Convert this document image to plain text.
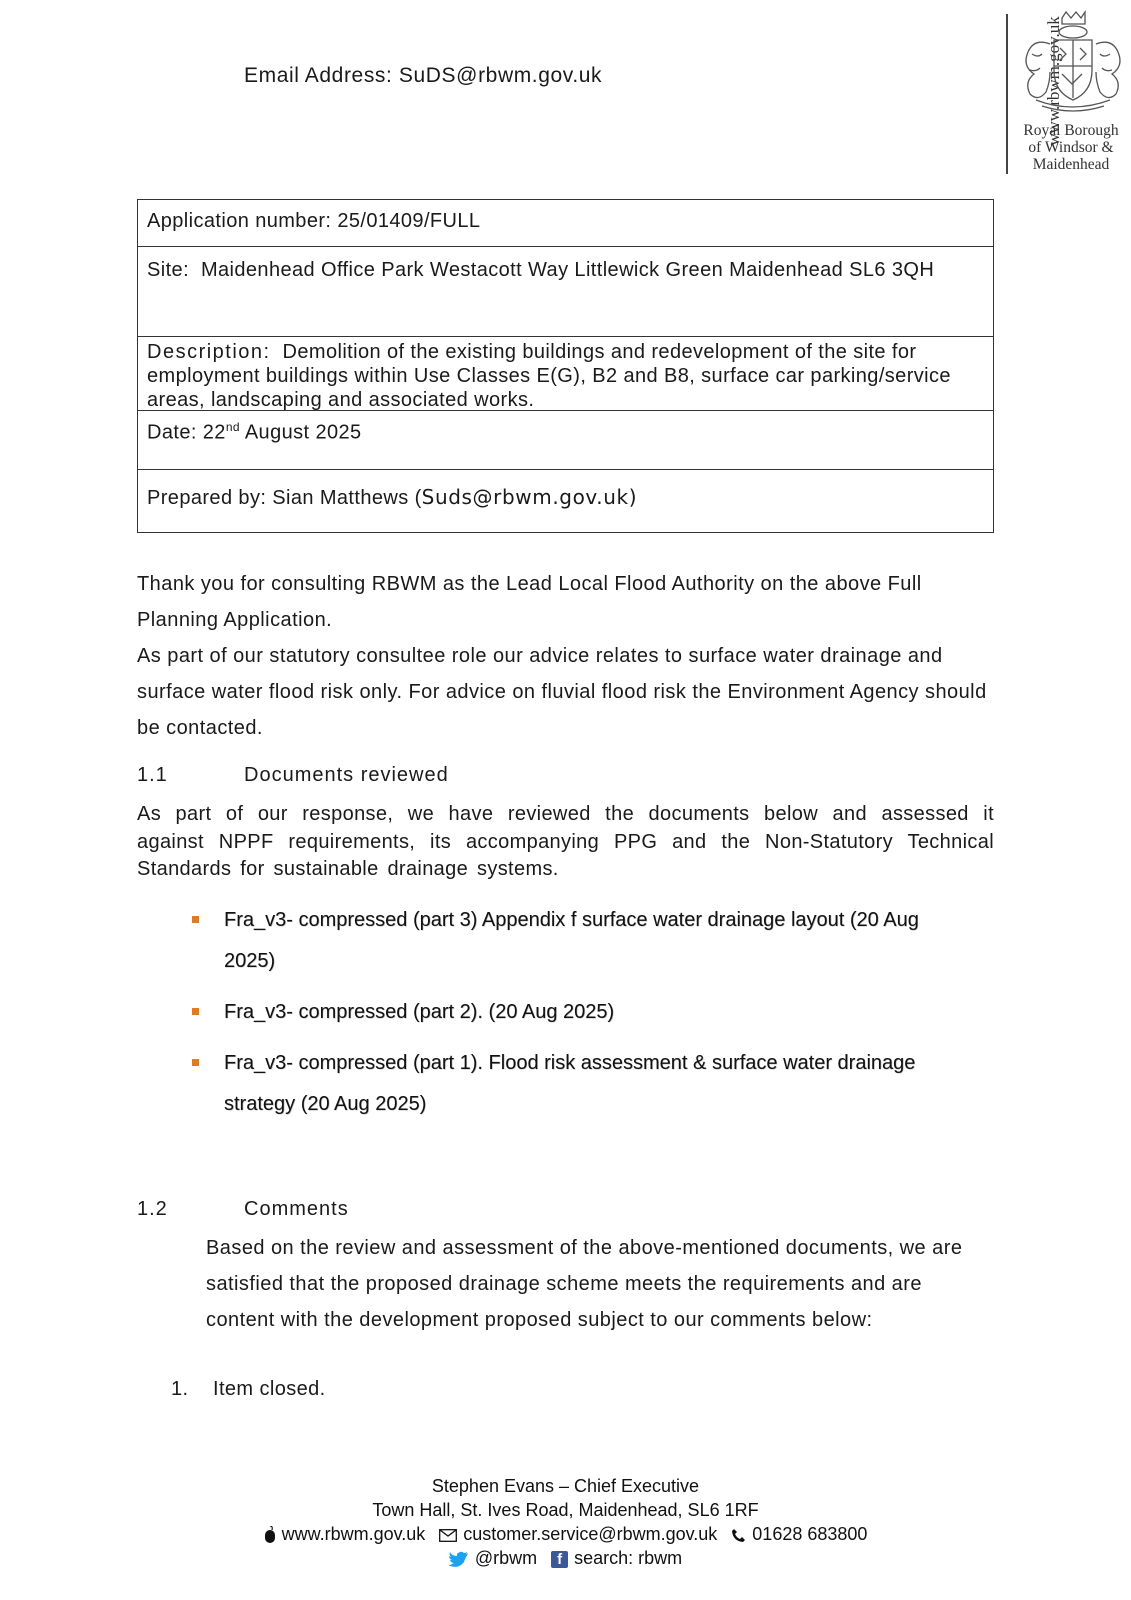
Email Address: SuDS@rbwm.gov.uk	www.rbwm.gov.uk
Royal Borough
of Windsor &
Maidenhead
Application number: 25/01409/FULL
Site: Maidenhead Office Park Westacott Way Littlewick Green Maidenhead SL6 3QH
Description: Demolition of the existing buildings and redevelopment of the site for employment buildings within Use Classes E(G), B2 and B8, surface car parking/service areas, landscaping and associated works.
Date: 22nd August 2025
Prepared by: Sian Matthews (Suds@rbwm.gov.uk)
Thank you for consulting RBWM as the Lead Local Flood Authority on the above Full Planning Application.
As part of our statutory consultee role our advice relates to surface water drainage and surface water flood risk only. For advice on fluvial flood risk the Environment Agency should be contacted.
1.1	Documents reviewed
As part of our response, we have reviewed the documents below and assessed it against NPPF requirements, its accompanying PPG and the Non-Statutory Technical Standards for sustainable drainage systems.
Fra_v3- compressed (part 3) Appendix f surface water drainage layout (20 Aug 2025)
Fra_v3- compressed (part 2). (20 Aug 2025)
Fra_v3- compressed (part 1). Flood risk assessment & surface water drainage strategy (20 Aug 2025)
1.2	Comments
Based on the review and assessment of the above-mentioned documents, we are satisfied that the proposed drainage scheme meets the requirements and are content with the development proposed subject to our comments below:
1. Item closed.
Stephen Evans – Chief Executive
Town Hall, St. Ives Road, Maidenhead, SL6 1RF
www.rbwm.gov.uk	customer.service@rbwm.gov.uk	01628 683800
@rbwm	f search: rbwm
